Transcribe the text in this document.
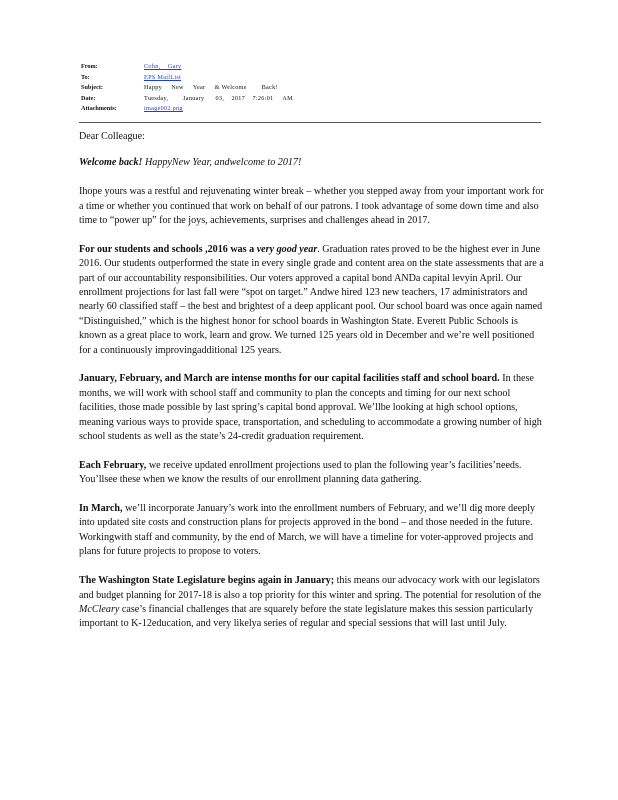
From:	Cohn,    Gary
To:	EPS MailList
Subject:	Happy     New     Year     & Welcome        Back!
Date:	Tuesday,        January      03,    2017    7:26:01     AM
Attachments:	image002.png

Dear Colleague:

Welcome back! HappyNew Year, andwelcome to 2017!

Ihope yours was a restful and rejuvenating winter break – whether you stepped away from your important work for a time or whether you continued that work on behalf of our patrons. I took advantage of some down time and also time to “power up” for the joys, achievements, surprises and challenges ahead in 2017.

For our students and schools ,2016 was a very good year. Graduation rates proved to be the highest ever in June 2016. Our students outperformed the state in every single grade and content area on the state assessments that are a part of our accountability responsibilities. Our voters approved a capital bond ANDa capital levyin April. Our enrollment projections for last fall were “spot on target.” Andwe hired 123 new teachers, 17 administrators and nearly 60 classified staff – the best and brightest of a deep applicant pool. Our school board was once again named “Distinguished,” which is the highest honor for school boards in Washington State. Everett Public Schools is known as a great place to work, learn and grow. We turned 125 years old in December and we’re well positioned for a continuously improvingadditional 125 years.

January, February, and March are intense months for our capital facilities staff and school board. In these months, we will work with school staff and community to plan the concepts and timing for our next school facilities, those made possible by last spring’s capital bond approval. We’llbe looking at high school options, meaning various ways to provide space, transportation, and scheduling to accommodate a growing number of high school students as well as the state’s 24-credit graduation requirement.

Each February, we receive updated enrollment projections used to plan the following year’s facilities’needs. You’llsee these when we know the results of our enrollment planning data gathering.

In March, we’ll incorporate January’s work into the enrollment numbers of February, and we’ll dig more deeply into updated site costs and construction plans for projects approved in the bond – and those needed in the future. Workingwith staff and community, by the end of March, we will have a timeline for voter-approved projects and plans for future projects to propose to voters.

The Washington State Legislature begins again in January; this means our advocacy work with our legislators and budget planning for 2017-18 is also a top priority for this winter and spring. The potential for resolution of the McCleary case’s financial challenges that are squarely before the state legislature makes this session particularly important to K-12education, and very likelya series of regular and special sessions that will last until July.
